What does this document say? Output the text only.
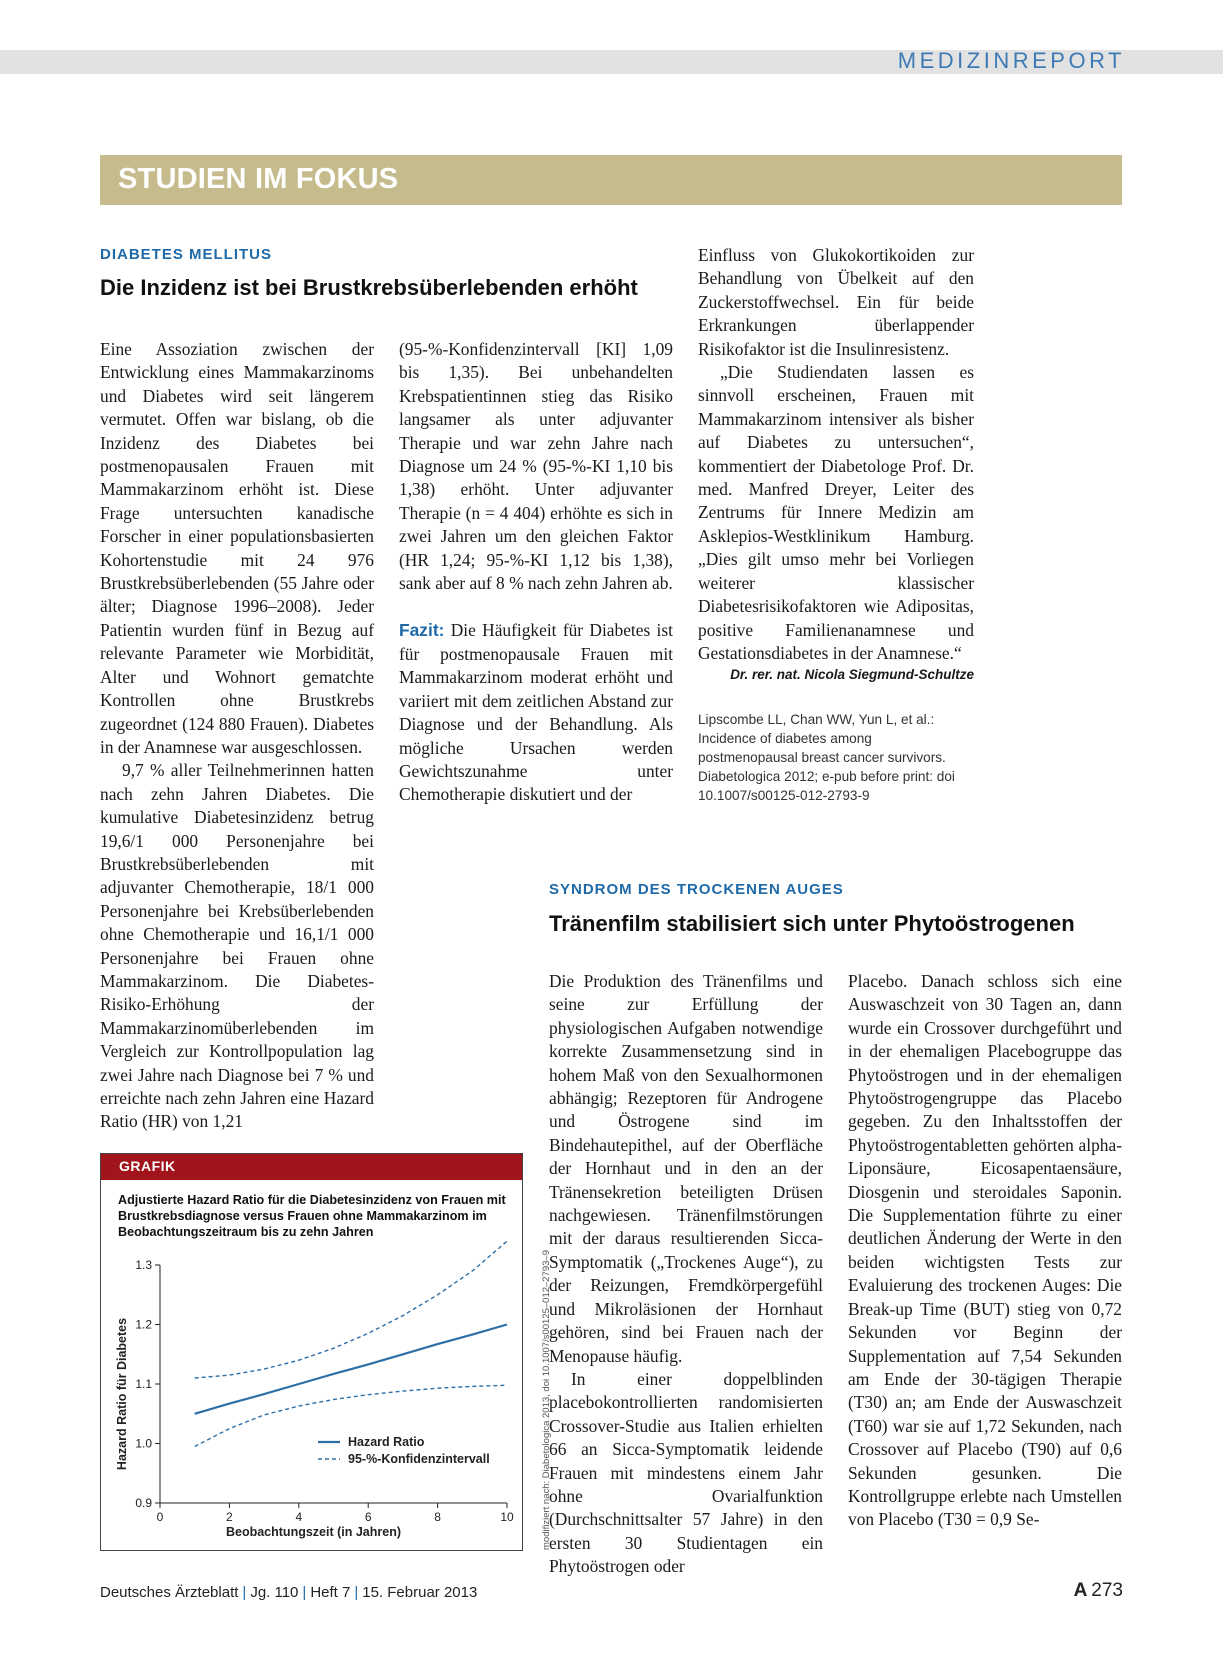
MEDIZINREPORT
STUDIEN IM FOKUS
DIABETES MELLITUS
Die Inzidenz ist bei Brustkrebsüberlebenden erhöht

Eine Assoziation zwischen der Entwicklung eines Mammakarzinoms und Diabetes wird seit längerem vermutet. Offen war bislang, ob die Inzidenz des Diabetes bei postmenopausalen Frauen mit Mammakarzinom erhöht ist. Diese Frage untersuchten kanadische Forscher in einer populationsbasierten Kohortenstudie mit 24 976 Brustkrebsüberlebenden (55 Jahre oder älter; Diagnose 1996–2008). Jeder Patientin wurden fünf in Bezug auf relevante Parameter wie Morbidität, Alter und Wohnort gematchte Kontrollen ohne Brustkrebs zugeordnet (124 880 Frauen). Diabetes in der Anamnese war ausgeschlossen.

9,7 % aller Teilnehmerinnen hatten nach zehn Jahren Diabetes. Die kumulative Diabetesinzidenz betrug 19,6/1 000 Personenjahre bei Brustkrebsüberlebenden mit adjuvanter Chemotherapie, 18/1 000 Personenjahre bei Krebsüberlebenden ohne Chemotherapie und 16,1/1 000 Personenjahre bei Frauen ohne Mammakarzinom. Die Diabetes-Risiko-Erhöhung der Mammakarzinomüberlebenden im Vergleich zur Kontrollpopulation lag zwei Jahre nach Diagnose bei 7 % und erreichte nach zehn Jahren eine Hazard Ratio (HR) von 1,21

(95-%-Konfidenzintervall [KI] 1,09 bis 1,35). Bei unbehandelten Krebspatientinnen stieg das Risiko langsamer als unter adjuvanter Therapie und war zehn Jahre nach Diagnose um 24 % (95-%-KI 1,10 bis 1,38) erhöht. Unter adjuvanter Therapie (n = 4 404) erhöhte es sich in zwei Jahren um den gleichen Faktor (HR 1,24; 95-%-KI 1,12 bis 1,38), sank aber auf 8 % nach zehn Jahren ab.

Fazit: Die Häufigkeit für Diabetes ist für postmenopausale Frauen mit Mammakarzinom moderat erhöht und variiert mit dem zeitlichen Abstand zur Diagnose und der Behandlung. Als mögliche Ursachen werden Gewichtszunahme unter Chemotherapie diskutiert und der

Einfluss von Glukokortikoiden zur Behandlung von Übelkeit auf den Zuckerstoffwechsel. Ein für beide Erkrankungen überlappender Risikofaktor ist die Insulinresistenz.

„Die Studiendaten lassen es sinnvoll erscheinen, Frauen mit Mammakarzinom intensiver als bisher auf Diabetes zu untersuchen“, kommentiert der Diabetologe Prof. Dr. med. Manfred Dreyer, Leiter des Zentrums für Innere Medizin am Asklepios-Westklinikum Hamburg. „Dies gilt umso mehr bei Vorliegen weiterer klassischer Diabetesrisikofaktoren wie Adipositas, positive Familienanamnese und Gestationsdiabetes in der Anamnese.“

Dr. rer. nat. Nicola Siegmund-Schultze
Lipscombe LL, Chan WW, Yun L, et al.: Incidence of diabetes among postmenopausal breast cancer survivors. Diabetologica 2012; e-pub before print: doi 10.1007/s00125-012-2793-9
GRAFIK
Adjustierte Hazard Ratio für die Diabetesinzidenz von Frauen mit Brustkrebsdiagnose versus Frauen ohne Mammakarzinom im Beobachtungszeitraum bis zu zehn Jahren
0.9
1.0
1.1
1.2
1.3
0	2	4	6	8	10
Beobachtungszeit (in Jahren)
Hazard Ratio für Diabetes	Hazard Ratio
95-%-Konfidenzintervall	modifiziert nach: Diabetologica 2013, doi 10.1007/s00125–012–2793–9
SYNDROM DES TROCKENEN AUGES
Tränenfilm stabilisiert sich unter Phytoöstrogenen

Die Produktion des Tränenfilms und seine zur Erfüllung der physiologischen Aufgaben notwendige korrekte Zusammensetzung sind in hohem Maß von den Sexualhormonen abhängig; Rezeptoren für Androgene und Östrogene sind im Bindehautepithel, auf der Oberfläche der Hornhaut und in den an der Tränensekretion beteiligten Drüsen nachgewiesen. Tränenfilmstörungen mit der daraus resultierenden Sicca-Symptomatik („Trockenes Auge“), zu der Reizungen, Fremdkörpergefühl und Mikroläsionen der Hornhaut gehören, sind bei Frauen nach der Menopause häufig.

In einer doppelblinden placebokontrollierten randomisierten Crossover-Studie aus Italien erhielten 66 an Sicca-Symptomatik leidende Frauen mit mindestens einem Jahr ohne Ovarialfunktion (Durchschnittsalter 57 Jahre) in den ersten 30 Studientagen ein Phytoöstrogen oder

Placebo. Danach schloss sich eine Auswaschzeit von 30 Tagen an, dann wurde ein Crossover durchgeführt und in der ehemaligen Placebogruppe das Phytoöstrogen und in der ehemaligen Phytoöstrogengruppe das Placebo gegeben. Zu den Inhaltsstoffen der Phytoöstrogentabletten gehörten alpha-Liponsäure, Eicosapentaensäure, Diosgenin und steroidales Saponin. Die Supplementation führte zu einer deutlichen Änderung der Werte in den beiden wichtigsten Tests zur Evaluierung des trockenen Auges: Die Break-up Time (BUT) stieg von 0,72 Sekunden vor Beginn der Supplementation auf 7,54 Sekunden am Ende der 30-tägigen Therapie (T30) an; am Ende der Auswaschzeit (T60) war sie auf 1,72 Sekunden, nach Crossover auf Placebo (T90) auf 0,6 Sekunden gesunken. Die Kontrollgruppe erlebte nach Umstellen von Placebo (T30 = 0,9 Se-

Deutsches Ärzteblatt | Jg. 110 | Heft 7 | 15. Februar 2013	A 273
